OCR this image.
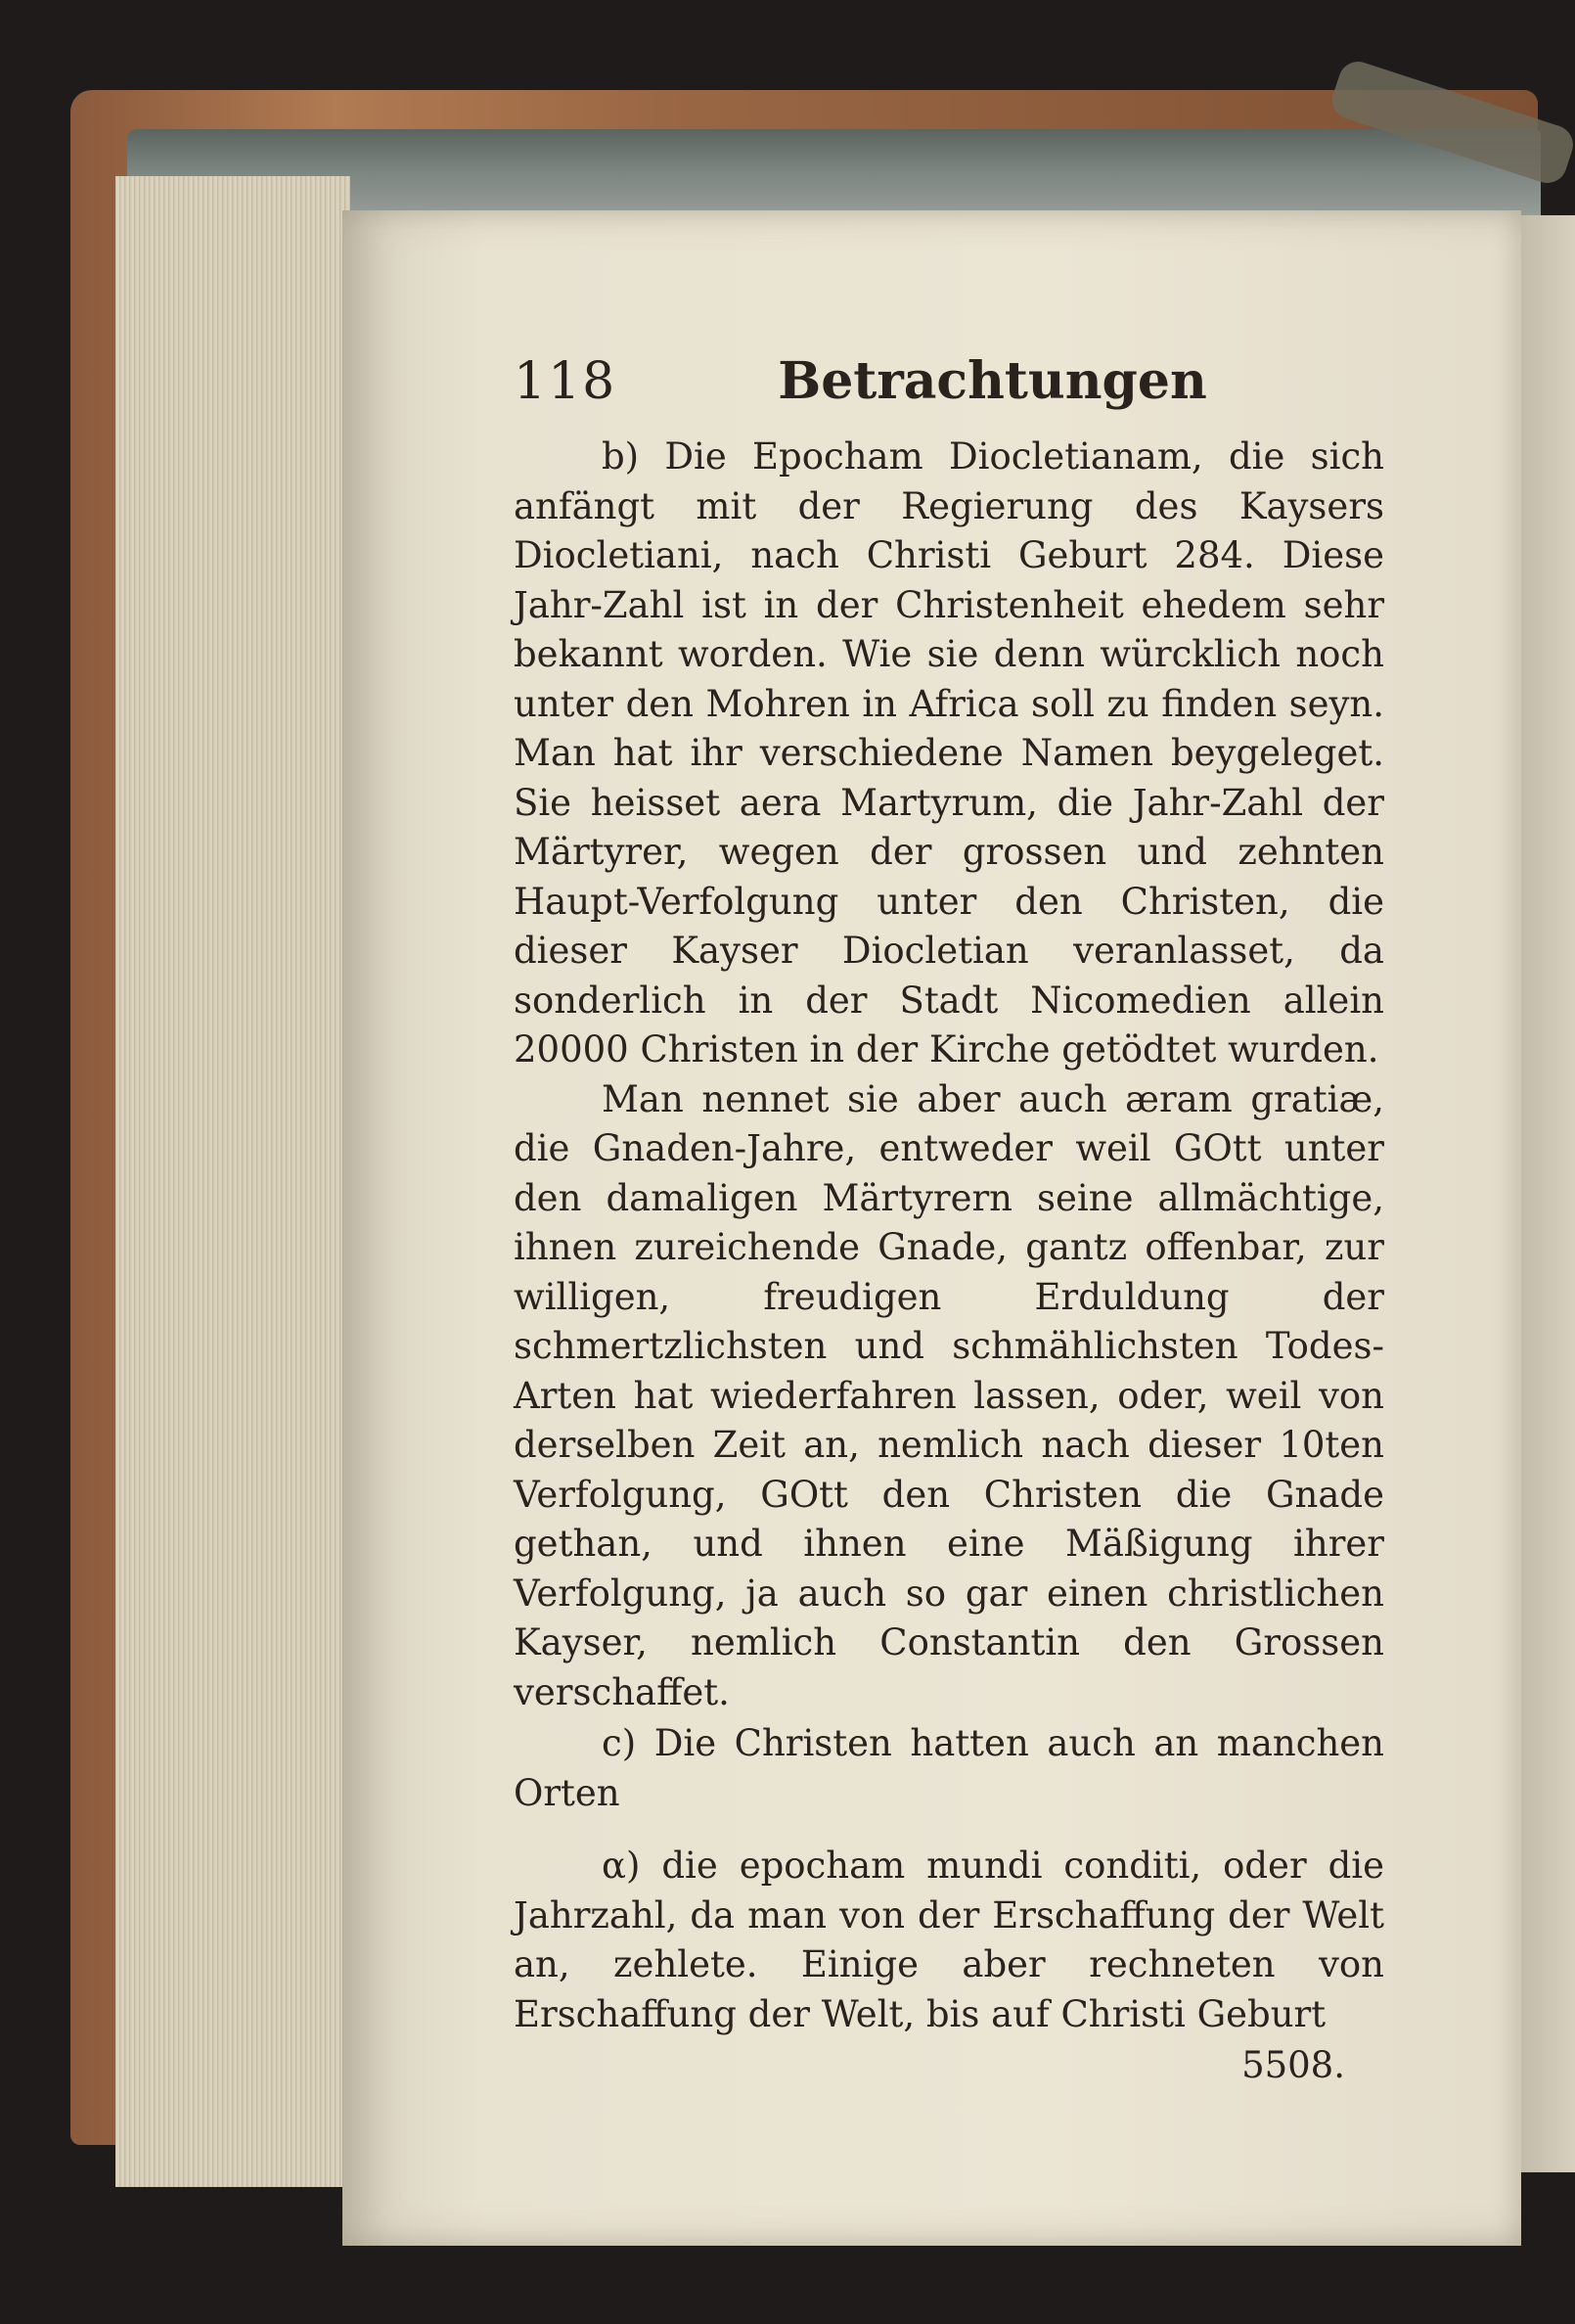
118	Betrachtungen

b) Die Epocham Diocletianam, die sich anfängt mit der Regierung des Kaysers Diocletiani, nach Christi Geburt 284. Diese Jahr-Zahl ist in der Christenheit ehedem sehr bekannt worden. Wie sie denn würcklich noch unter den Mohren in Africa soll zu finden seyn. Man hat ihr verschiedene Namen beygeleget. Sie heisset aera Martyrum, die Jahr-Zahl der Märtyrer, wegen der grossen und zehnten Haupt-Verfolgung unter den Christen, die dieser Kayser Diocletian veranlasset, da sonderlich in der Stadt Nicomedien allein 20000 Christen in der Kirche getödtet wurden.

Man nennet sie aber auch æram gratiæ, die Gnaden-Jahre, entweder weil GOtt unter den damaligen Märtyrern seine allmächtige, ihnen zureichende Gnade, gantz offenbar, zur willigen, freudigen Erduldung der schmertzlichsten und schmählichsten Todes-Arten hat wiederfahren lassen, oder, weil von derselben Zeit an, nemlich nach dieser 10ten Verfolgung, GOtt den Christen die Gnade gethan, und ihnen eine Mäßigung ihrer Verfolgung, ja auch so gar einen christlichen Kayser, nemlich Constantin den Grossen verschaffet.

c) Die Christen hatten auch an manchen Orten

α) die epocham mundi conditi, oder die Jahrzahl, da man von der Erschaffung der Welt an, zehlete. Einige aber rechneten von Erschaffung der Welt, bis auf Christi Geburt

5508.
